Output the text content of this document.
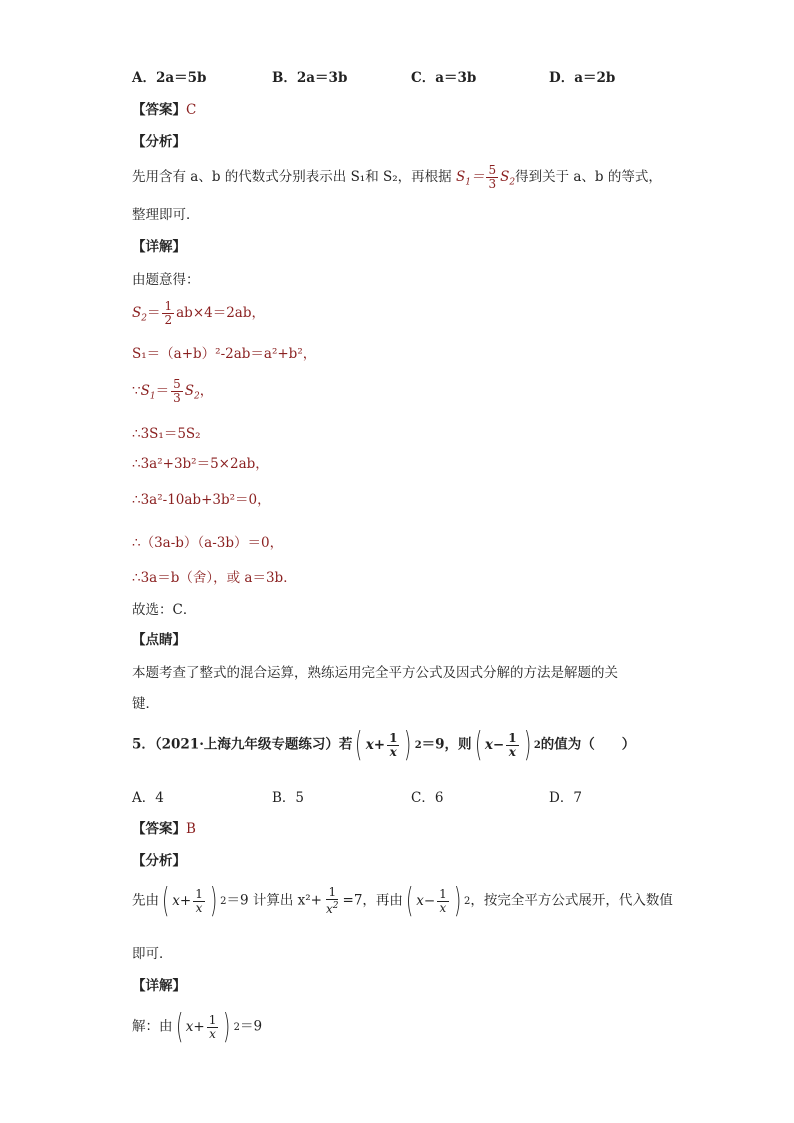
A．2a＝5b	B．2a＝3b	C．a＝3b	D．a＝2b
【答案】C
【分析】
先用含有 a、b 的代数式分别表示出 S₁和 S₂，再根据 $S_1= \frac{5}{3} S_2$得到关于 a、b 的等式，
整理即可．
【详解】
由题意得：
$S_2= \frac{1}{2} ab\times 4=2ab$，
S₁＝（a+b）²-2ab＝a²+b²，
$\because S_1= \frac{5}{3} S_2$，
∴3S₁＝5S₂
∴3a²+3b²＝5×2ab，
∴3a²-10ab+3b²＝0，
∴（3a-b）（a-3b）＝0，
∴3a＝b（舍），或 a＝3b．
故选：C．
【点睛】
本题考查了整式的混合运算，熟练运用完全平方公式及因式分解的方法是解题的关
键．
5．（2021·上海九年级专题练习）若 ( $x + \frac{1}{x}$ ) 2 ＝9，则 ( $x - \frac{1}{x}$ ) 2 的值为（　　）
A．4	B．5	C．6	D．7
【答案】B
【分析】
先由 ( $x + \frac{1}{x}$ ) 2 ＝9 计算出 $x^2+ \frac{1}{x^2} =7$，再由 ( $x - \frac{1}{x}$ ) 2 ，按完全平方公式展开，代入数值
即可．
【详解】
解：由 ( $x + \frac{1}{x}$ ) 2 ＝9
